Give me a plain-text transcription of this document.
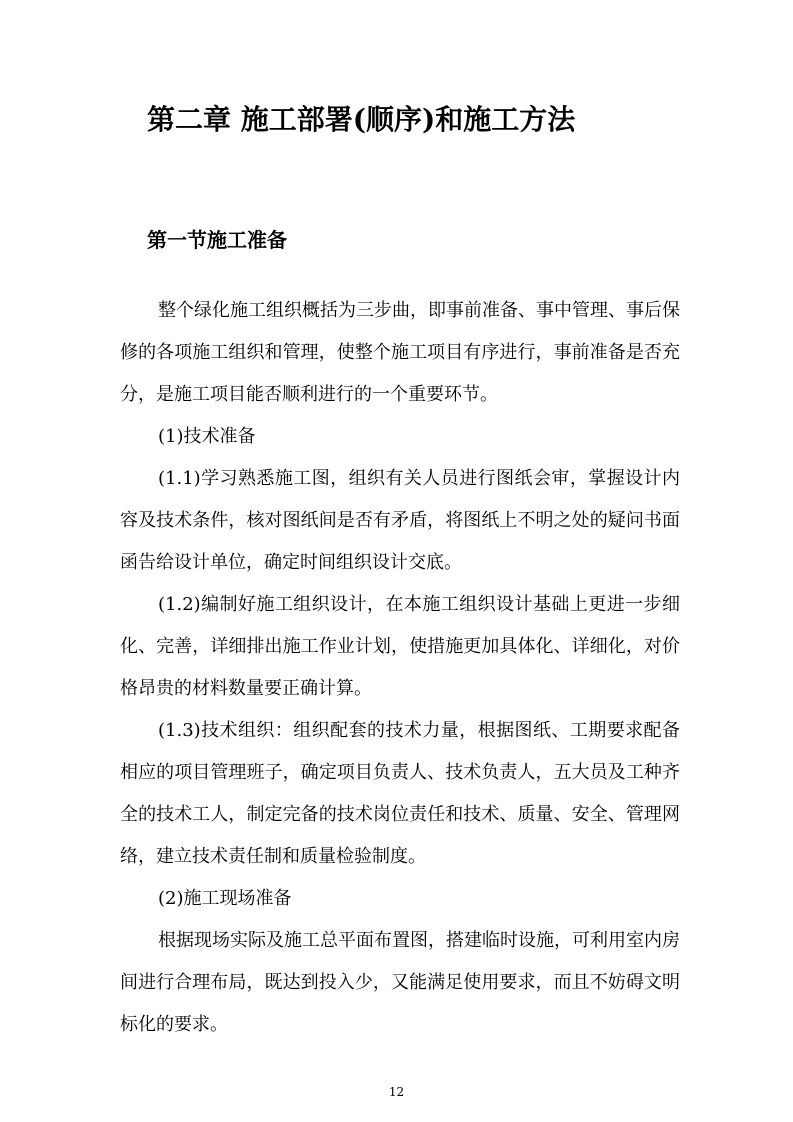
第二章 施工部署(顺序)和施工方法
第一节施工准备

整个绿化施工组织概括为三步曲，即事前准备、事中管理、事后保修的各项施工组织和管理，使整个施工项目有序进行，事前准备是否充分，是施工项目能否顺利进行的一个重要环节。

(1)技术准备

(1.1)学习熟悉施工图，组织有关人员进行图纸会审，掌握设计内容及技术条件，核对图纸间是否有矛盾，将图纸上不明之处的疑问书面函告给设计单位，确定时间组织设计交底。

(1.2)编制好施工组织设计，在本施工组织设计基础上更进一步细化、完善，详细排出施工作业计划，使措施更加具体化、详细化，对价格昂贵的材料数量要正确计算。

(1.3)技术组织：组织配套的技术力量，根据图纸、工期要求配备相应的项目管理班子，确定项目负责人、技术负责人，五大员及工种齐全的技术工人，制定完备的技术岗位责任和技术、质量、安全、管理网络，建立技术责任制和质量检验制度。

(2)施工现场准备

根据现场实际及施工总平面布置图，搭建临时设施，可利用室内房间进行合理布局，既达到投入少，又能满足使用要求，而且不妨碍文明标化的要求。

12
